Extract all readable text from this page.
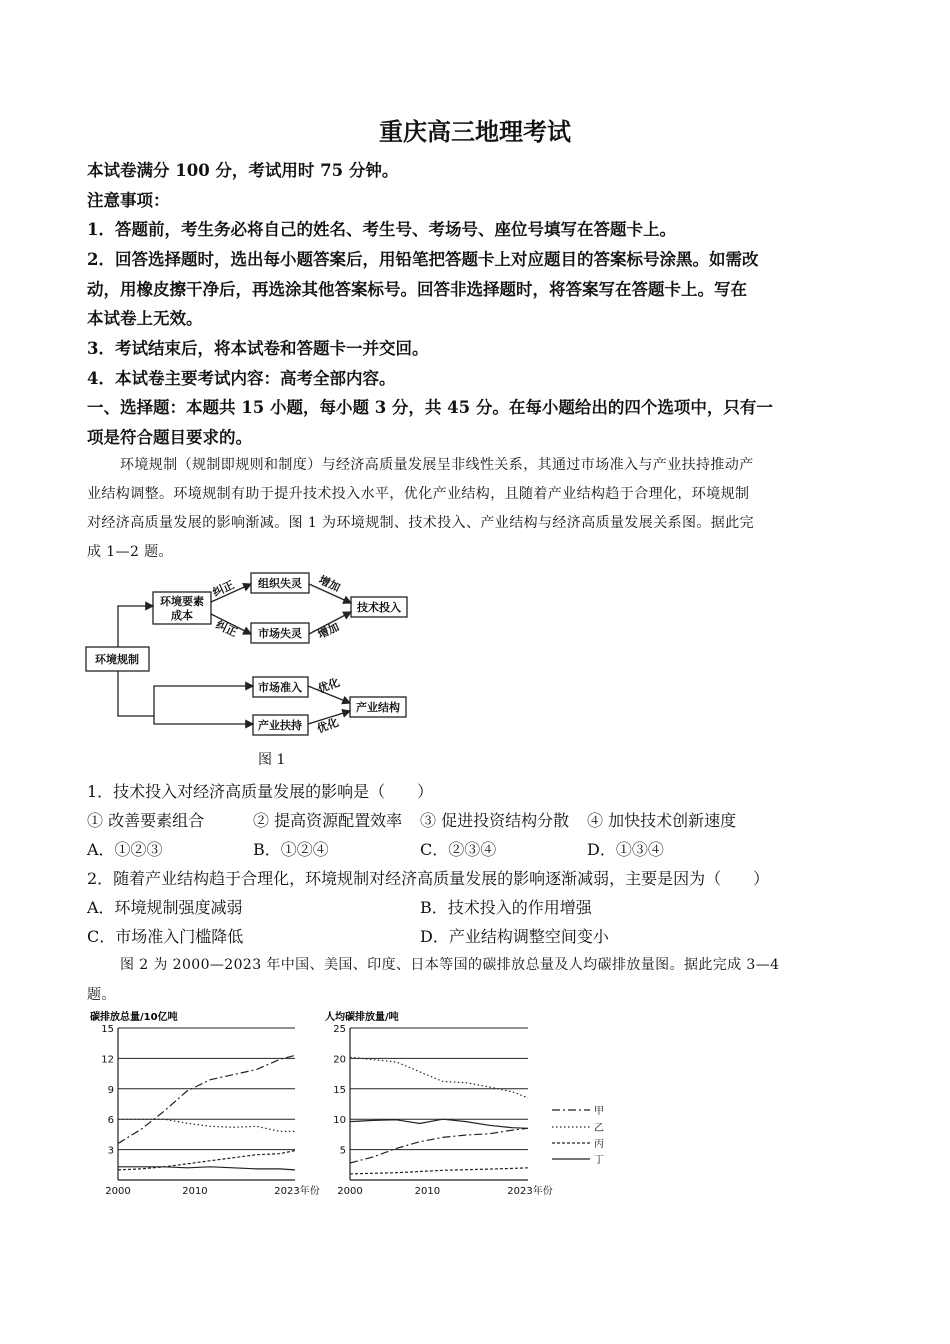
重庆高三地理考试
本试卷满分 100 分，考试用时 75 分钟。
注意事项：
1．答题前，考生务必将自己的姓名、考生号、考场号、座位号填写在答题卡上。
2．回答选择题时，选出每小题答案后，用铅笔把答题卡上对应题目的答案标号涂黑。如需改
动，用橡皮擦干净后，再选涂其他答案标号。回答非选择题时，将答案写在答题卡上。写在
本试卷上无效。
3．考试结束后，将本试卷和答题卡一并交回。
4．本试卷主要考试内容：高考全部内容。
一、选择题：本题共 15 小题，每小题 3 分，共 45 分。在每小题给出的四个选项中，只有一
项是符合题目要求的。
环境规制（规制即规则和制度）与经济高质量发展呈非线性关系，其通过市场准入与产业扶持推动产
业结构调整。环境规制有助于提升技术投入水平，优化产业结构，且随着产业结构趋于合理化，环境规制
对经济高质量发展的影响渐减。图 1 为环境规制、技术投入、产业结构与经济高质量发展关系图。据此完
成 1—2 题。
环境规制
环境要素
成本
组织失灵
市场失灵
技术投入
市场准入
产业扶持
产业结构
纠正
纠正
增加
增加
优化
优化
图 1
1．技术投入对经济高质量发展的影响是（　　）
① 改善要素组合	② 提高资源配置效率 ③ 促进投资结构分散 ④ 加快技术创新速度
A．①②③	B．①②④	C．②③④	D．①③④
2．随着产业结构趋于合理化，环境规制对经济高质量发展的影响逐渐减弱，主要是因为（　　）
A．环境规制强度减弱	B．技术投入的作用增强
C．市场准入门槛降低	D．产业结构调整空间变小
图 2 为 2000—2023 年中国、美国、印度、日本等国的碳排放总量及人均碳排放量图。据此完成 3—4
题。
碳排放总量/10亿吨
3
6
9
12
15
2000	2010	2023年份
人均碳排放量/吨
5
10
15
20
25
2000	2010	2023年份
甲
乙
丙
丁
